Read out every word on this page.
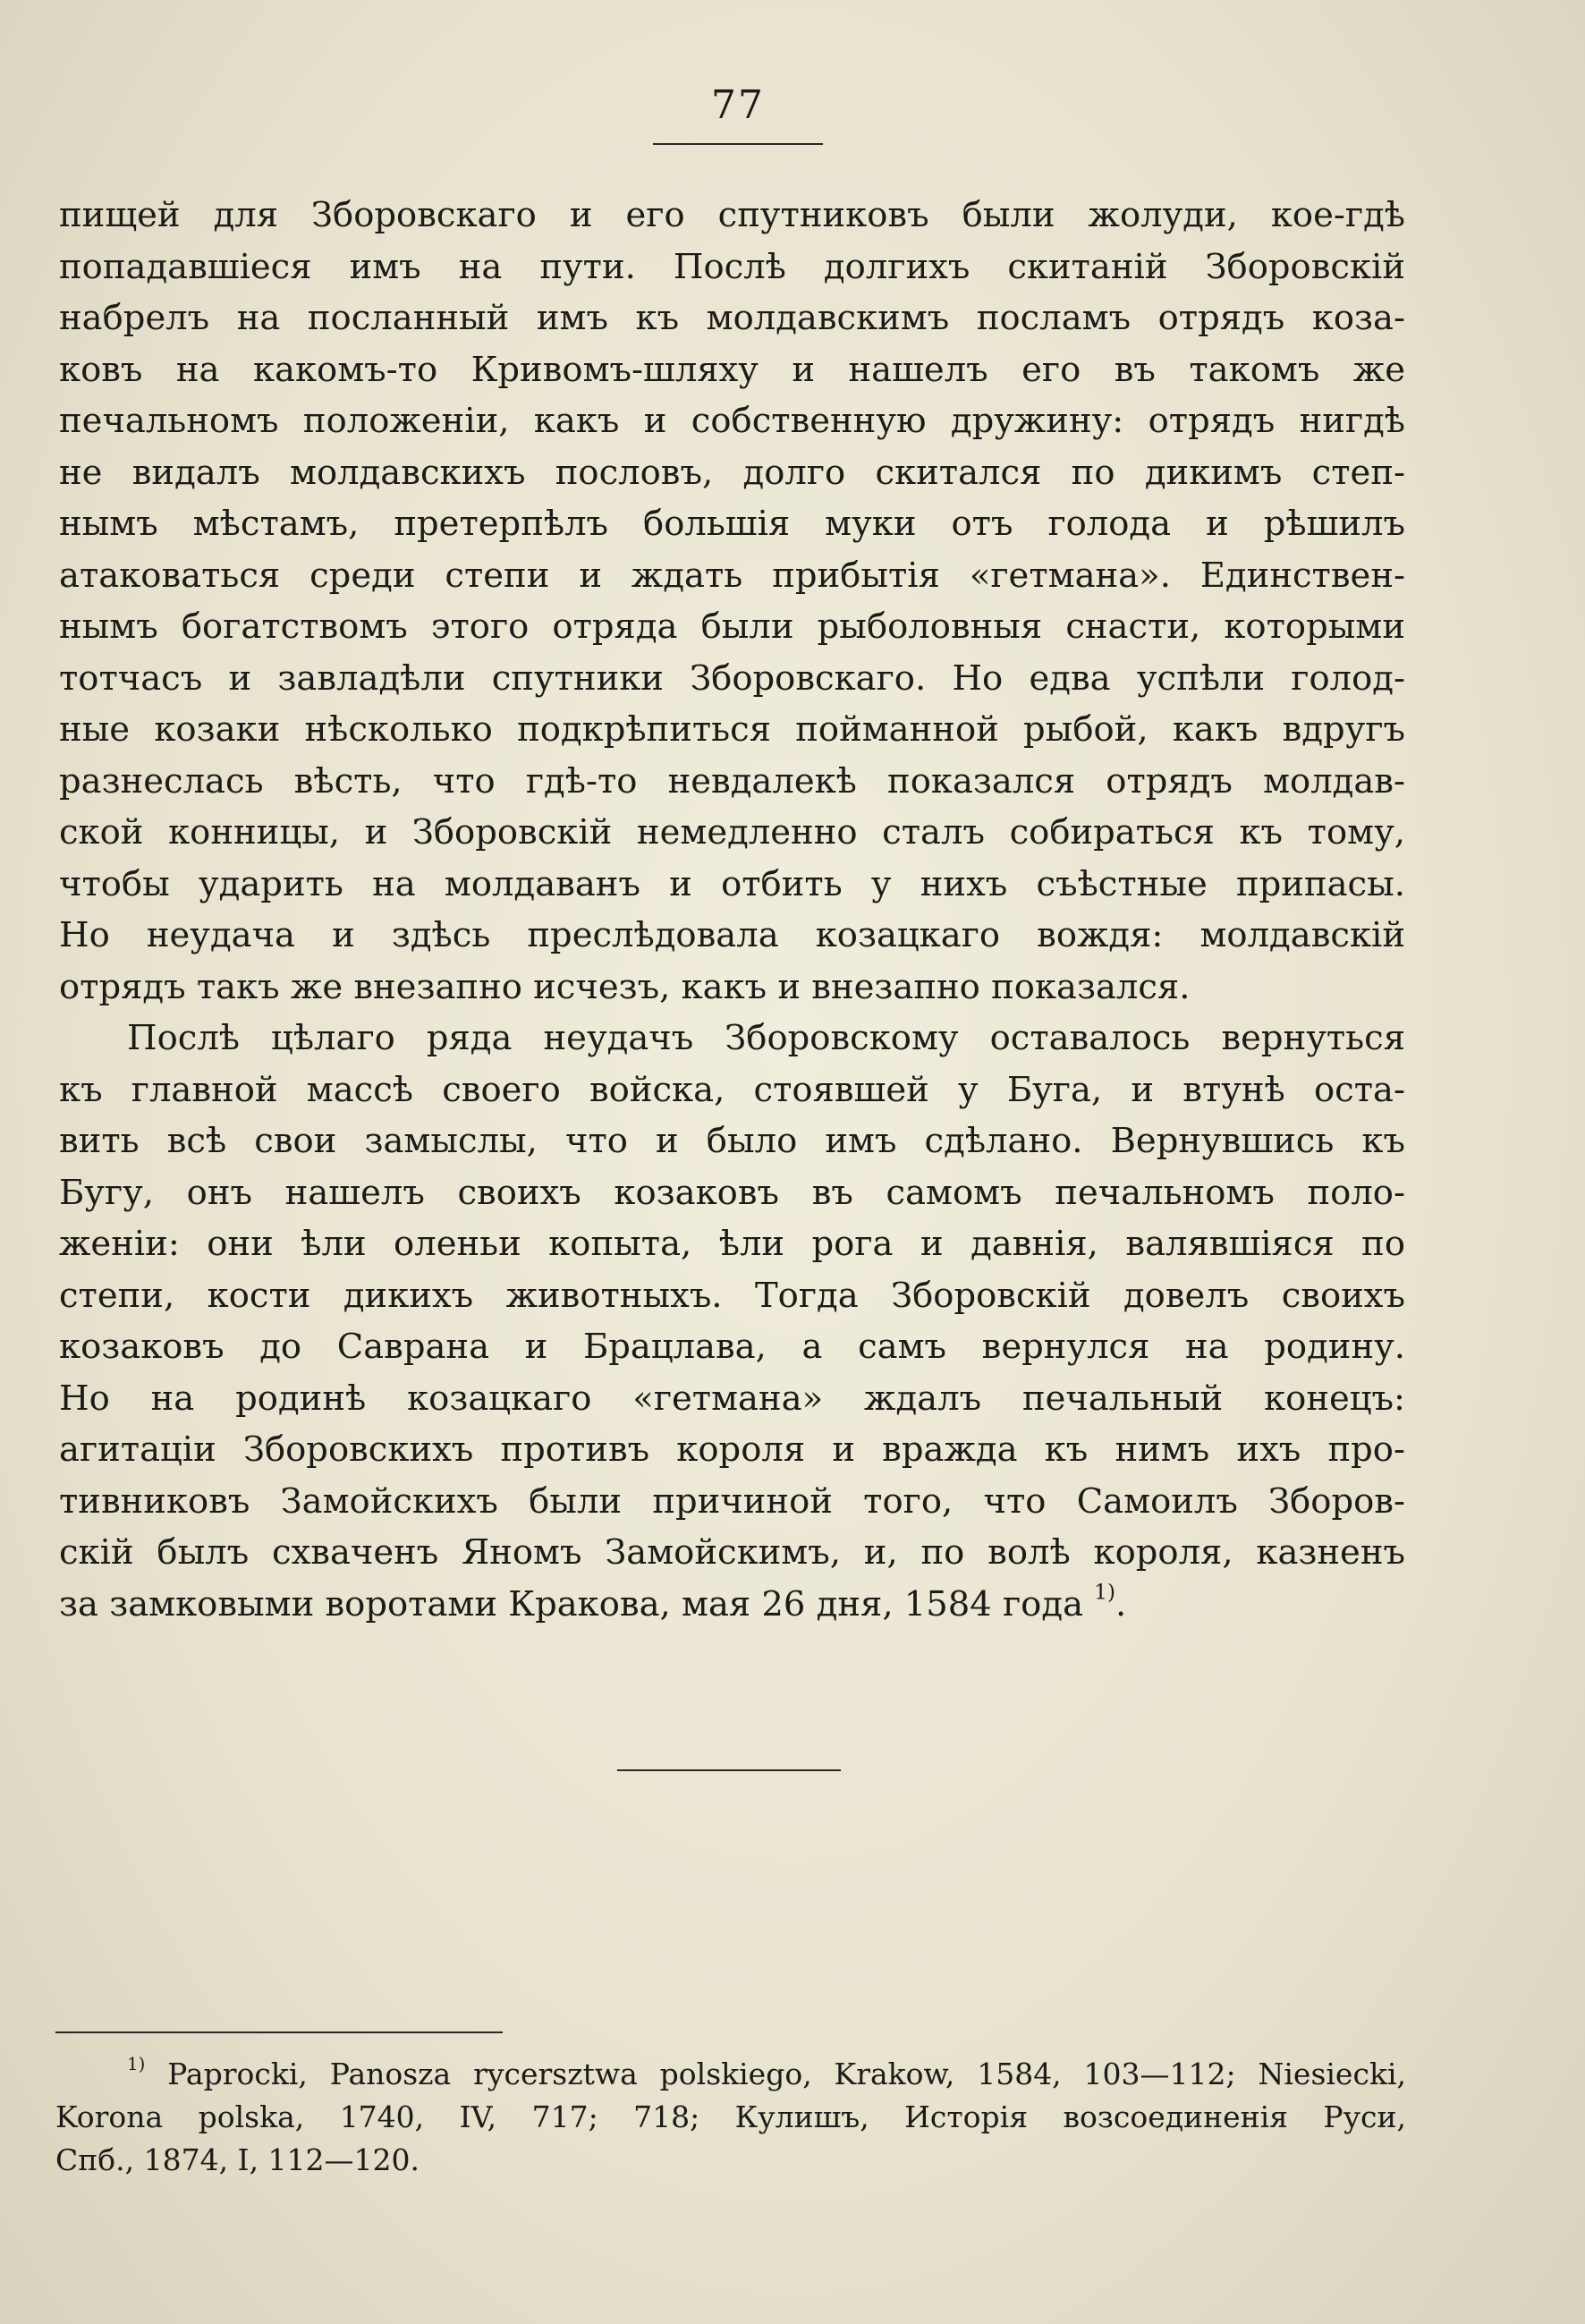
77
пищей для Зборовскаго и его спутниковъ были жолуди, кое-гдѣ
попадавшіеся имъ на пути. Послѣ долгихъ скитаній Зборовскій
набрелъ на посланный имъ къ молдавскимъ посламъ отрядъ коза-
ковъ на какомъ-то Кривомъ-шляху и нашелъ его въ такомъ же
печальномъ положеніи, какъ и собственную дружину: отрядъ нигдѣ
не видалъ молдавскихъ пословъ, долго скитался по дикимъ степ-
нымъ мѣстамъ, претерпѣлъ большія муки отъ голода и рѣшилъ
атаковаться среди степи и ждать прибытія «гетмана». Единствен-
нымъ богатствомъ этого отряда были рыболовныя снасти, которыми
тотчасъ и завладѣли спутники Зборовскаго. Но едва успѣли голод-
ные козаки нѣсколько подкрѣпиться пойманной рыбой, какъ вдругъ
разнеслась вѣсть, что гдѣ-то невдалекѣ показался отрядъ молдав-
ской конницы, и Зборовскій немедленно сталъ собираться къ тому,
чтобы ударить на молдаванъ и отбить у нихъ съѣстные припасы.
Но неудача и здѣсь преслѣдовала козацкаго вождя: молдавскій
отрядъ такъ же внезапно исчезъ, какъ и внезапно показался.
Послѣ цѣлаго ряда неудачъ Зборовскому оставалось вернуться
къ главной массѣ своего войска, стоявшей у Буга, и втунѣ оста-
вить всѣ свои замыслы, что и было имъ сдѣлано. Вернувшись къ
Бугу, онъ нашелъ своихъ козаковъ въ самомъ печальномъ поло-
женіи: они ѣли оленьи копыта, ѣли рога и давнія, валявшіяся по
степи, кости дикихъ животныхъ. Тогда Зборовскій довелъ своихъ
козаковъ до Саврана и Брацлава, а самъ вернулся на родину.
Но на родинѣ козацкаго «гетмана» ждалъ печальный конецъ:
агитаціи Зборовскихъ противъ короля и вражда къ нимъ ихъ про-
тивниковъ Замойскихъ были причиной того, что Самоилъ Зборов-
скій былъ схваченъ Яномъ Замойскимъ, и, по волѣ короля, казненъ
за замковыми воротами Кракова, мая 26 дня, 1584 года $^{1)}$.
$^{1)}$ Paprocki, Panosza rycersztwa polskiego, Krakow, 1584, 103—112; Niesiecki,
Korona polska, 1740, IV, 717; 718; Кулишъ, Исторія возсоединенія Руси,
Спб., 1874, I, 112—120.
